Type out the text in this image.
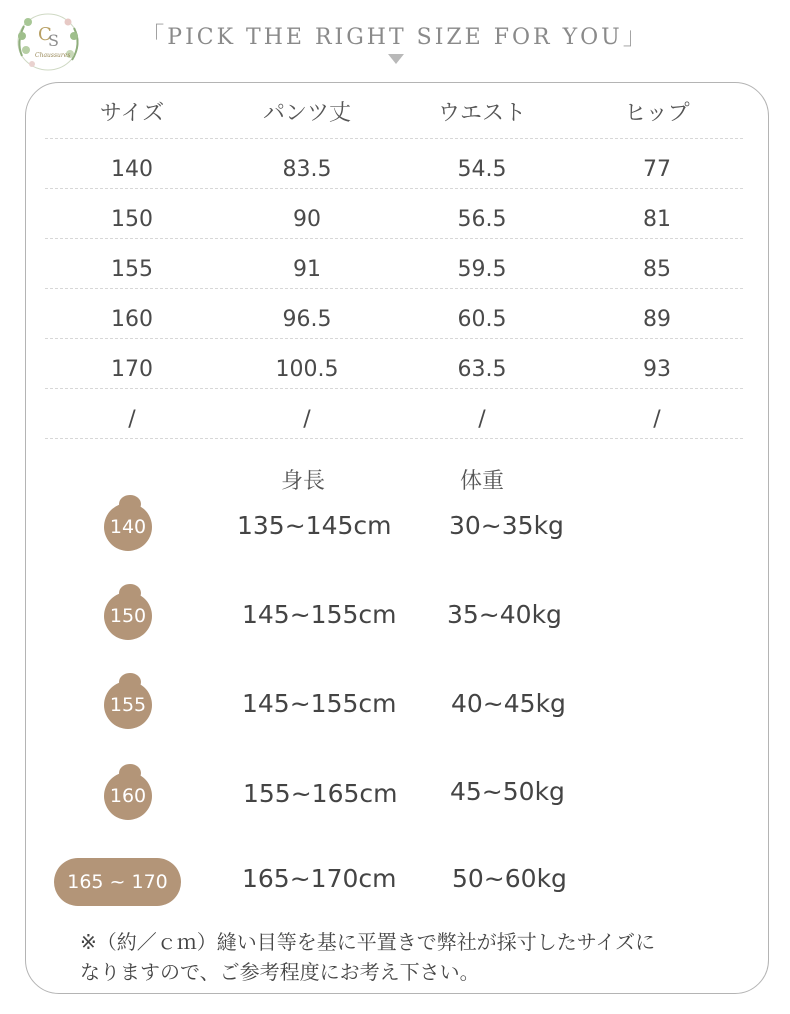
C
S
Chaussures
「PICK THE RIGHT SIZE FOR YOU」
サイズ	パンツ丈	ウエスト	ヒップ
140	83.5	54.5	77
150	90	56.5	81
155	91	59.5	85
160	96.5	60.5	89
170	100.5	63.5	93
/	/	/	/
身長	体重
140	135~145cm 30~35kg
150	145~155cm 35~40kg
155	145~155cm 40~45kg
160	155~165cm 45~50kg
165 ~ 170	165~170cm 50~60kg
※（約／ｃｍ）縫い目等を基に平置きで弊社が採寸したサイズに
なりますので、ご参考程度にお考え下さい。
